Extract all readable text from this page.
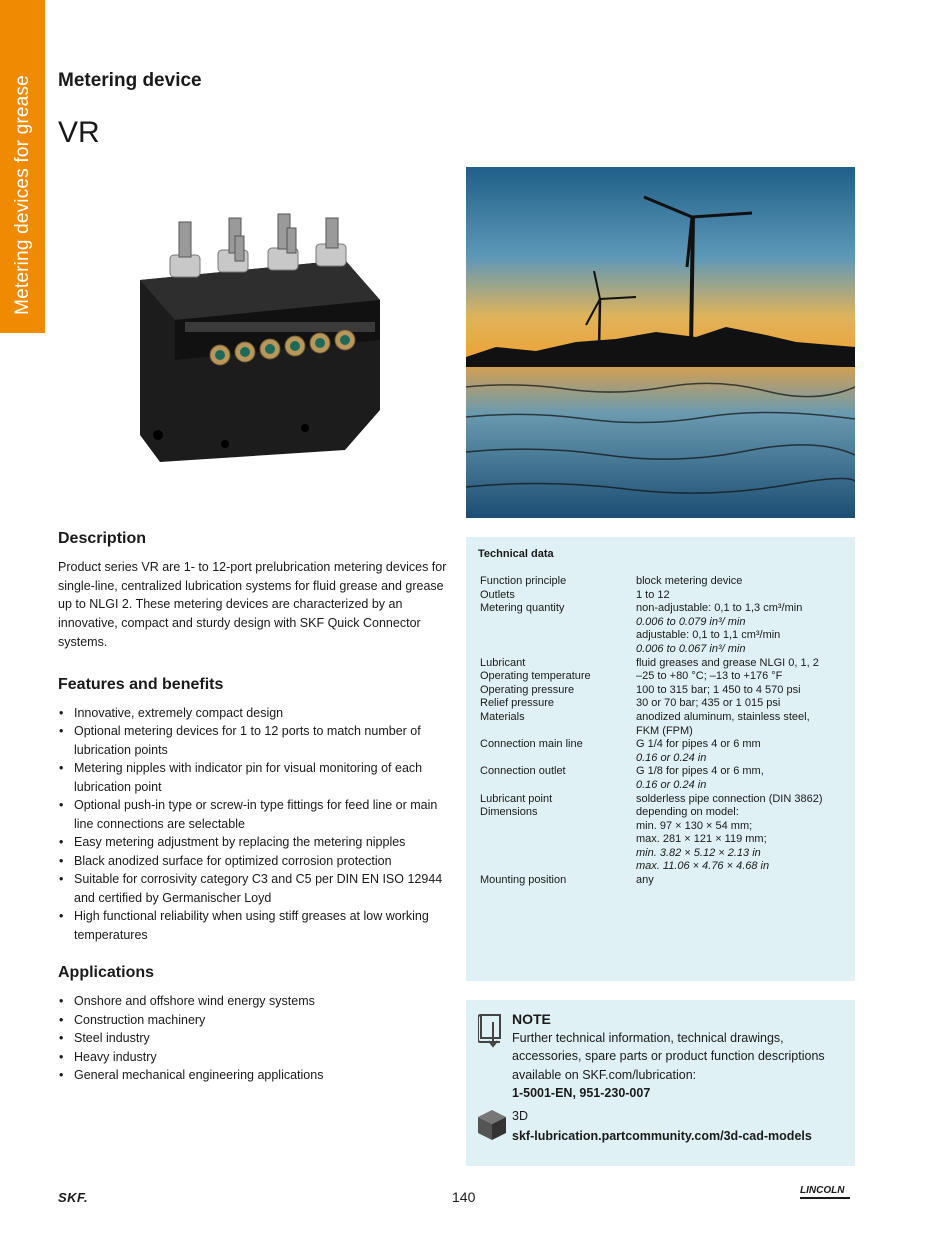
Metering devices for grease Metering device
VR
Description

Product series VR are 1- to 12-port prelubrication metering devices for single-line, centralized lubrication systems for fluid grease and grease up to NLGI 2. These metering devices are characterized by an innovative, compact and sturdy design with SKF Quick Connector systems.

Features and benefits
• Innovative, extremely compact design
• Optional metering devices for 1 to 12 ports to match number of lubrication points
• Metering nipples with indicator pin for visual monitoring of each lubrication point
• Optional push-in type or screw-in type fittings for feed line or main line connections are selectable
• Easy metering adjustment by replacing the metering nipples
• Black anodized surface for optimized corrosion protection
• Suitable for corrosivity category C3 and C5 per DIN EN ISO 12944 and certified by Germanischer Loyd
• High functional reliability when using stiff greases at low working temperatures
Applications
• Onshore and offshore wind energy systems
• Construction machinery
• Steel industry
• Heavy industry
• General mechanical engineering applications
Technical data
Function principle	block metering device
Outlets	1 to 12
Metering quantity	non-adjustable: 0,1 to 1,3 cm³/min
0.006 to 0.079 in³/ min
adjustable: 0,1 to 1,1 cm³/min
0.006 to 0.067 in³/ min
Lubricant	fluid greases and grease NLGI 0, 1, 2
Operating temperature	–25 to +80 °C; –13 to +176 °F
Operating pressure	100 to 315 bar; 1 450 to 4 570 psi
Relief pressure	30 or 70 bar; 435 or 1 015 psi
Materials	anodized aluminum, stainless steel,
FKM (FPM)
Connection main line	G 1/4 for pipes 4 or 6 mm
0.16 or 0.24 in
Connection outlet	G 1/8 for pipes 4 or 6 mm,
0.16 or 0.24 in
Lubricant point	solderless pipe connection (DIN 3862)
Dimensions	depending on model:
min. 97 × 130 × 54 mm;
max. 281 × 121 × 119 mm;
min. 3.82 × 5.12 × 2.13 in
max. 11.06 × 4.76 × 4.68 in
Mounting position	any
NOTE
Further technical information, technical drawings, accessories, spare parts or product function descriptions available on SKF.com/lubrication:
1-5001-EN, 951-230-007
3D
skf-lubrication.partcommunity.com/3d-cad-models
SKF.	140	LINCOLN
